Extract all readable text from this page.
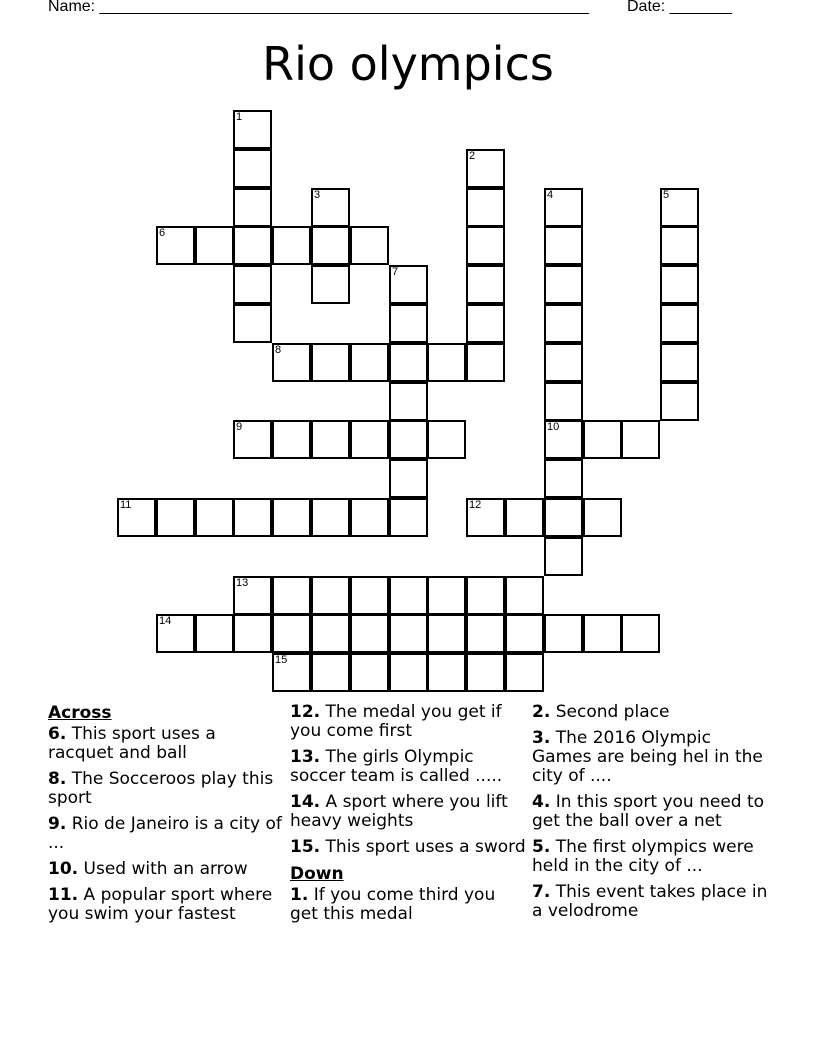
Name: _______________________________________________________ Date: _______
Rio olympics
1
2
3	4
10
5
6
7
8
9
11	12
13
14
15
Across
6. This sport uses a racquet and ball
8. The Socceroos play this sport
9. Rio de Janeiro is a city of ...
10. Used with an arrow
11. A popular sport where you swim your fastest
12. The medal you get if you come first
13. The girls Olympic soccer team is called .....
14. A sport where you lift heavy weights
15. This sport uses a sword
Down
1. If you come third you get this medal
2. Second place
3. The 2016 Olympic Games are being hel in the city of ....
4. In this sport you need to get the ball over a net
5. The first olympics were held in the city of ...
7. This event takes place in a velodrome
